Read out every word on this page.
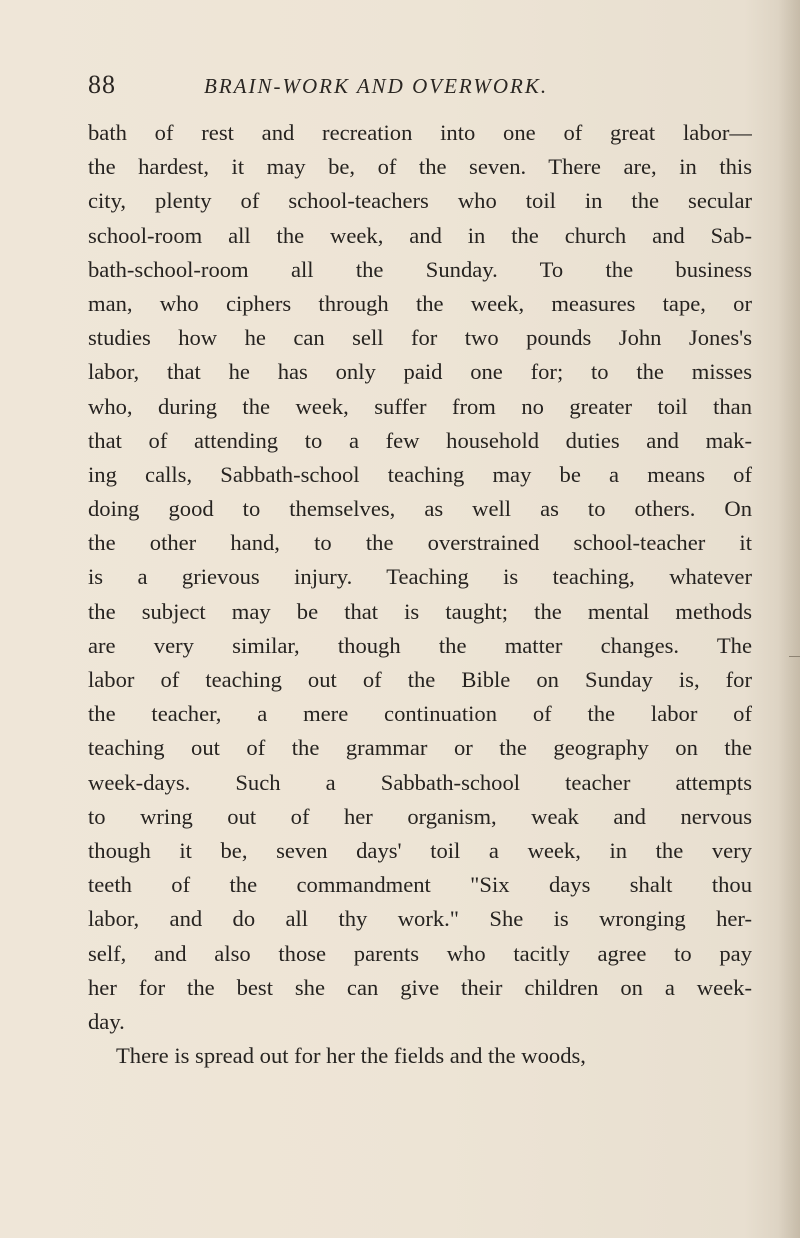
88	BRAIN-WORK AND OVERWORK.
bath of rest and recreation into one of great labor—
the hardest, it may be, of the seven. There are, in this
city, plenty of school-teachers who toil in the secular
school-room all the week, and in the church and Sab-
bath-school-room all the Sunday. To the business
man, who ciphers through the week, measures tape, or
studies how he can sell for two pounds John Jones's
labor, that he has only paid one for; to the misses
who, during the week, suffer from no greater toil than
that of attending to a few household duties and mak-
ing calls, Sabbath-school teaching may be a means of
doing good to themselves, as well as to others. On
the other hand, to the overstrained school-teacher it
is a grievous injury. Teaching is teaching, whatever
the subject may be that is taught; the mental methods
are very similar, though the matter changes. The
labor of teaching out of the Bible on Sunday is, for
the teacher, a mere continuation of the labor of
teaching out of the grammar or the geography on the
week-days. Such a Sabbath-school teacher attempts
to wring out of her organism, weak and nervous
though it be, seven days' toil a week, in the very
teeth of the commandment "Six days shalt thou
labor, and do all thy work." She is wronging her-
self, and also those parents who tacitly agree to pay
her for the best she can give their children on a week-
day.
There is spread out for her the fields and the woods,
